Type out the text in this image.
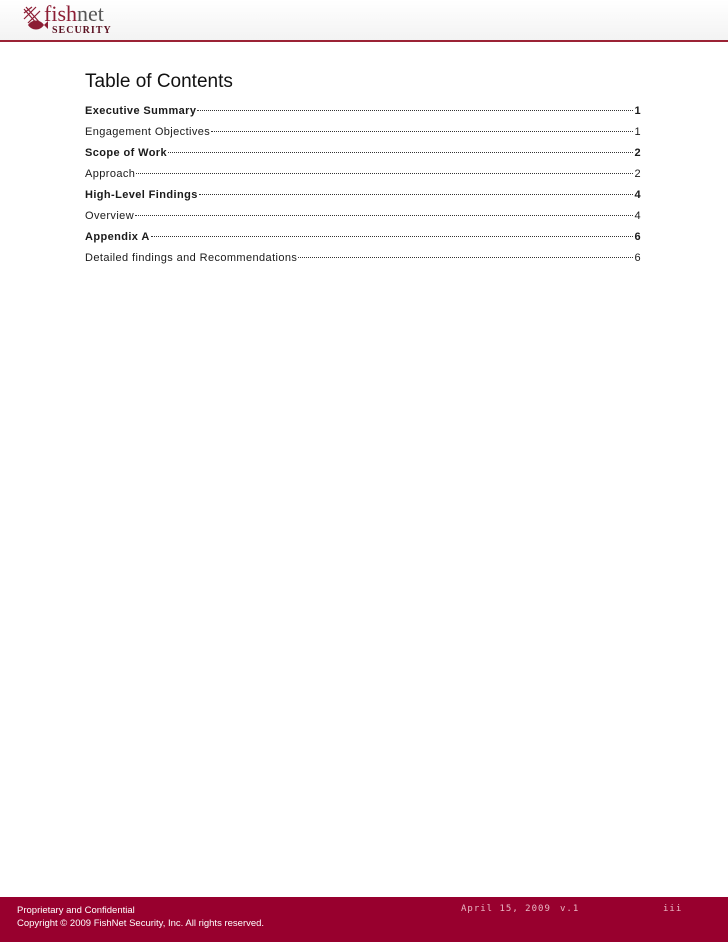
fishnet
SECURITY
Table of Contents
Executive Summary	1
Engagement Objectives	1
Scope of Work	2
Approach	2
High-Level Findings	4
Overview	4
Appendix A	6
Detailed findings and Recommendations	6
Proprietary and Confidential
Copyright © 2009 FishNet Security, Inc. All rights reserved.
April 15, 2009 v.1	iii
